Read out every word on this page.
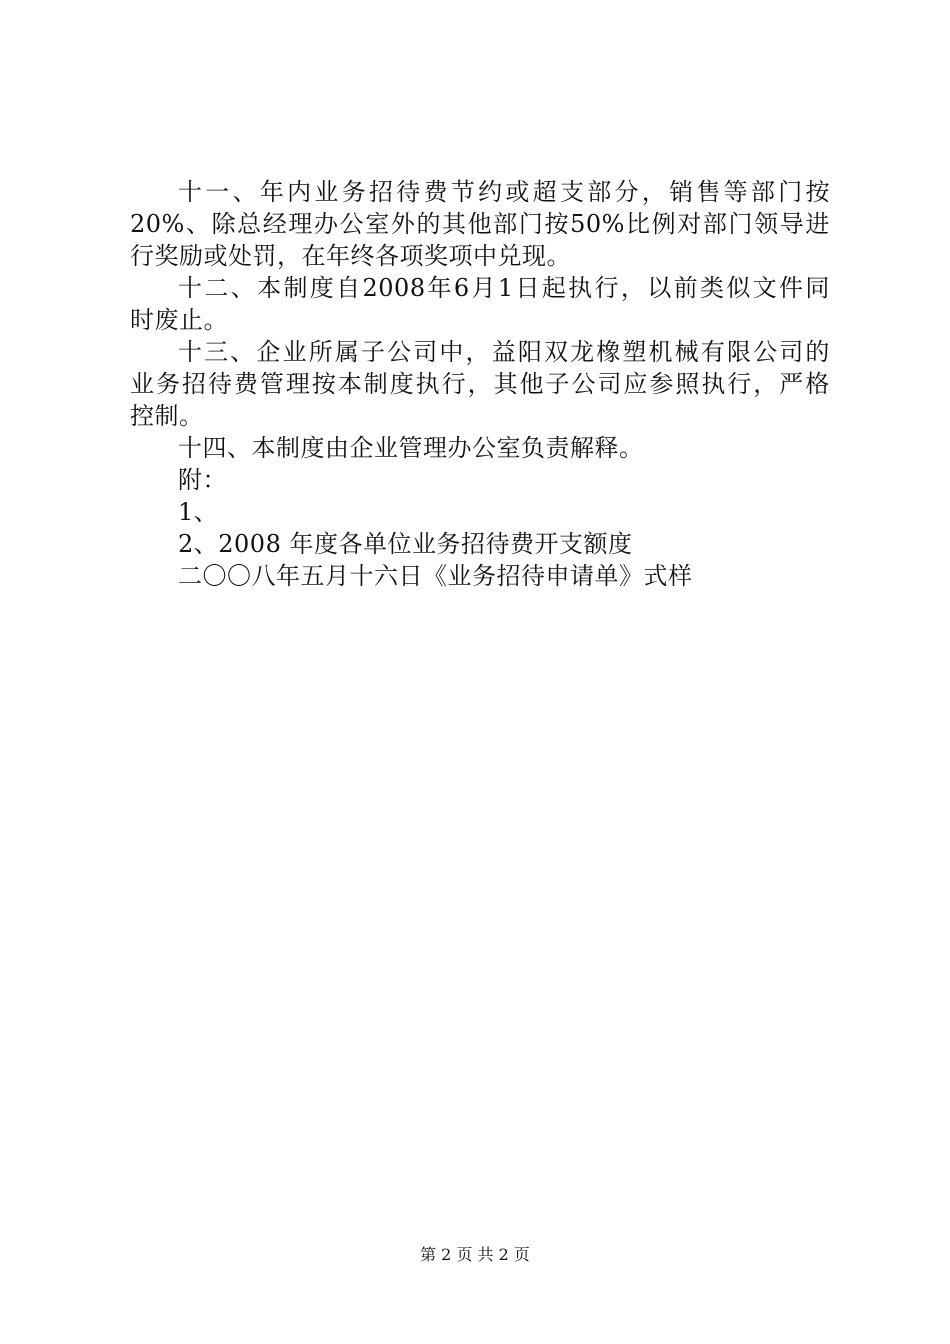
十 一 、 年 内 业 务 招 待 费 节 约 或 超 支 部 分 ， 销 售 等 部 门 按
20% 、 除 总 经 理 办 公 室 外 的 其 他 部 门 按 50% 比 例 对 部 门 领 导 进
行奖励或处罚，在年终各项奖项中兑现。
十 二 、 本 制 度 自 2008 年 6 月 1 日 起 执 行 ， 以 前 类 似 文 件 同
时废止。
十 三 、 企 业 所 属 子 公 司 中 ， 益 阳 双 龙 橡 塑 机 械 有 限 公 司 的
业 务 招 待 费 管 理 按 本 制 度 执 行 ， 其 他 子 公 司 应 参 照 执 行 ， 严 格
控制。
十四、本制度由企业管理办公室负责解释。
附：
1、
2、2008 年度各单位业务招待费开支额度
二〇〇八年五月十六日《业务招待申请单》式样
第 2 页 共 2 页
